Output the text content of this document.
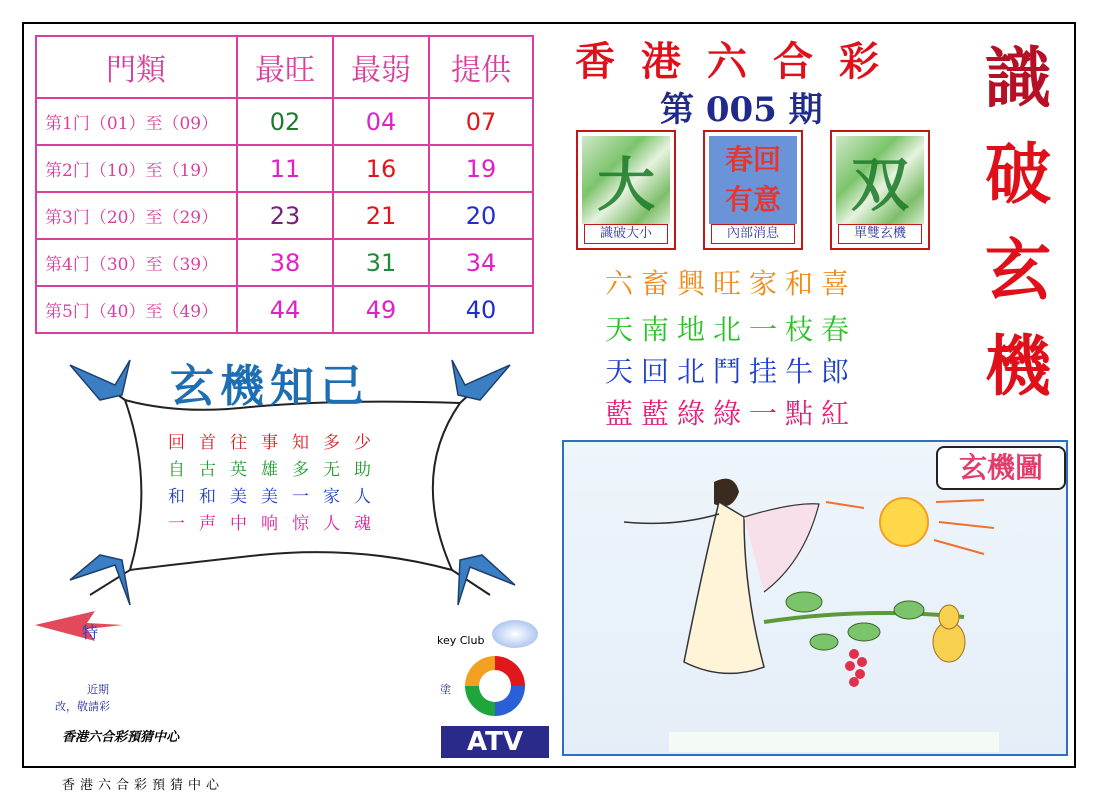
門類	最旺	最弱	提供
第1门（01）至（09）	02	04	07
第2门（10）至（19）	11	16	19
第3门（20）至（29）	23	21	20
第4门（30）至（39）	38	31	34
第5门（40）至（49）	44	49	40
香港六合彩
第 005 期 識
破
玄
機
大
識破大小
春回
有意
內部消息
双
單雙玄機
六畜興旺家和喜
天南地北一枝春
天回北鬥挂牛郎
藍藍綠綠一點紅
玄機知己
回首往事知多少
自古英雄多无助
和和美美一家人
一声中响惊人魂
特	key Club
近期
改，敬請彩
塗
香港六合彩預猜中心	ATV
香港六合彩預猜中心
玄機圖
